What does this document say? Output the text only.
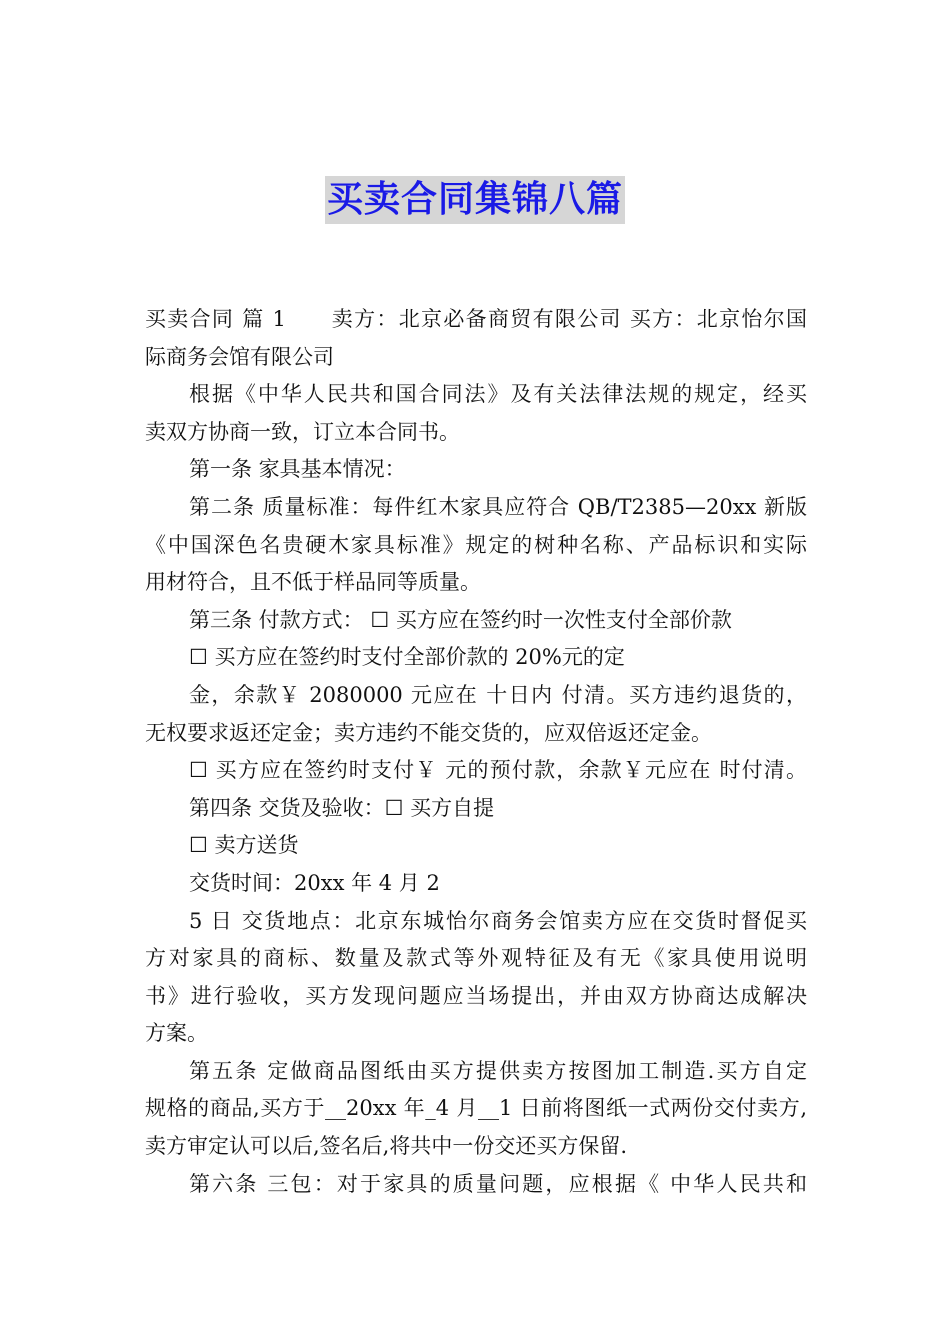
买卖合同集锦八篇
买卖合同 篇 1　　卖方：北京必备商贸有限公司 买方：北京怡尔国
际商务会馆有限公司
根据《中华人民共和国合同法》及有关法律法规的规定，经买
卖双方协商一致，订立本合同书。
第一条 家具基本情况：
第二条 质量标准：每件红木家具应符合 QB/T2385—20xx 新版
《中国深色名贵硬木家具标准》规定的树种名称、产品标识和实际
用材符合，且不低于样品同等质量。
第三条 付款方式： ☐ 买方应在签约时一次性支付全部价款
☐ 买方应在签约时支付全部价款的 20%元的定
金，余款￥ 2080000 元应在 十日内 付清。买方违约退货的，
无权要求返还定金；卖方违约不能交货的，应双倍返还定金。
☐ 买方应在签约时支付￥ 元的预付款，余款￥元应在 时付清。
第四条 交货及验收：☐ 买方自提
☐ 卖方送货
交货时间：20xx 年 4 月 2
5 日 交货地点：北京东城怡尔商务会馆卖方应在交货时督促买
方对家具的商标、数量及款式等外观特征及有无《家具使用说明
书》进行验收，买方发现问题应当场提出，并由双方协商达成解决
方案。
第五条 定做商品图纸由买方提供卖方按图加工制造.买方自定
规格的商品,买方于__20xx 年_4 月__1 日前将图纸一式两份交付卖方,
卖方审定认可以后,签名后,将共中一份交还买方保留.
第六条 三包：对于家具的质量问题，应根据《 中华人民共和
